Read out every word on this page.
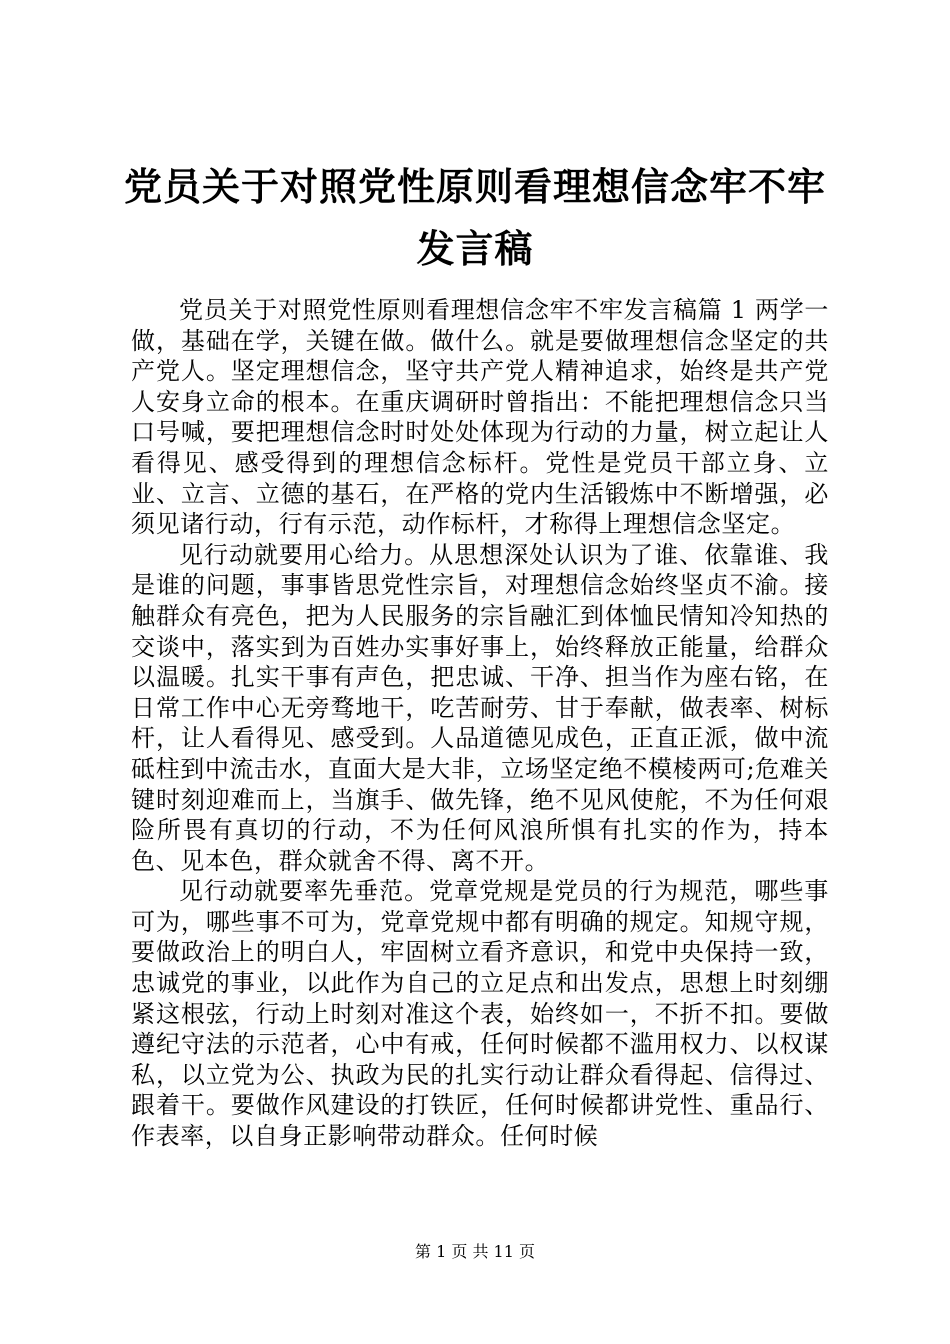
党员关于对照党性原则看理想信念牢不牢发言稿

党员关于对照党性原则看理想信念牢不牢发言稿篇 1 两学一做，基础在学，关键在做。做什么。就是要做理想信念坚定的共产党人。坚定理想信念，坚守共产党人精神追求，始终是共产党人安身立命的根本。在重庆调研时曾指出：不能把理想信念只当口号喊，要把理想信念时时处处体现为行动的力量，树立起让人看得见、感受得到的理想信念标杆。党性是党员干部立身、立业、立言、立德的基石，在严格的党内生活锻炼中不断增强，必须见诸行动，行有示范，动作标杆，才称得上理想信念坚定。

见行动就要用心给力。从思想深处认识为了谁、依靠谁、我是谁的问题，事事皆思党性宗旨，对理想信念始终坚贞不渝。接触群众有亮色，把为人民服务的宗旨融汇到体恤民情知冷知热的交谈中，落实到为百姓办实事好事上，始终释放正能量，给群众以温暖。扎实干事有声色，把忠诚、干净、担当作为座右铭，在日常工作中心无旁骛地干，吃苦耐劳、甘于奉献，做表率、树标杆，让人看得见、感受到。人品道德见成色，正直正派，做中流砥柱到中流击水，直面大是大非，立场坚定绝不模棱两可;危难关键时刻迎难而上，当旗手、做先锋，绝不见风使舵，不为任何艰险所畏有真切的行动，不为任何风浪所惧有扎实的作为，持本色、见本色，群众就舍不得、离不开。

见行动就要率先垂范。党章党规是党员的行为规范，哪些事可为，哪些事不可为，党章党规中都有明确的规定。知规守规，要做政治上的明白人，牢固树立看齐意识，和党中央保持一致，忠诚党的事业，以此作为自己的立足点和出发点，思想上时刻绷紧这根弦，行动上时刻对准这个表，始终如一，不折不扣。要做遵纪守法的示范者，心中有戒，任何时候都不滥用权力、以权谋私，以立党为公、执政为民的扎实行动让群众看得起、信得过、跟着干。要做作风建设的打铁匠，任何时候都讲党性、重品行、作表率，以自身正影响带动群众。任何时候

第 1 页 共 11 页
